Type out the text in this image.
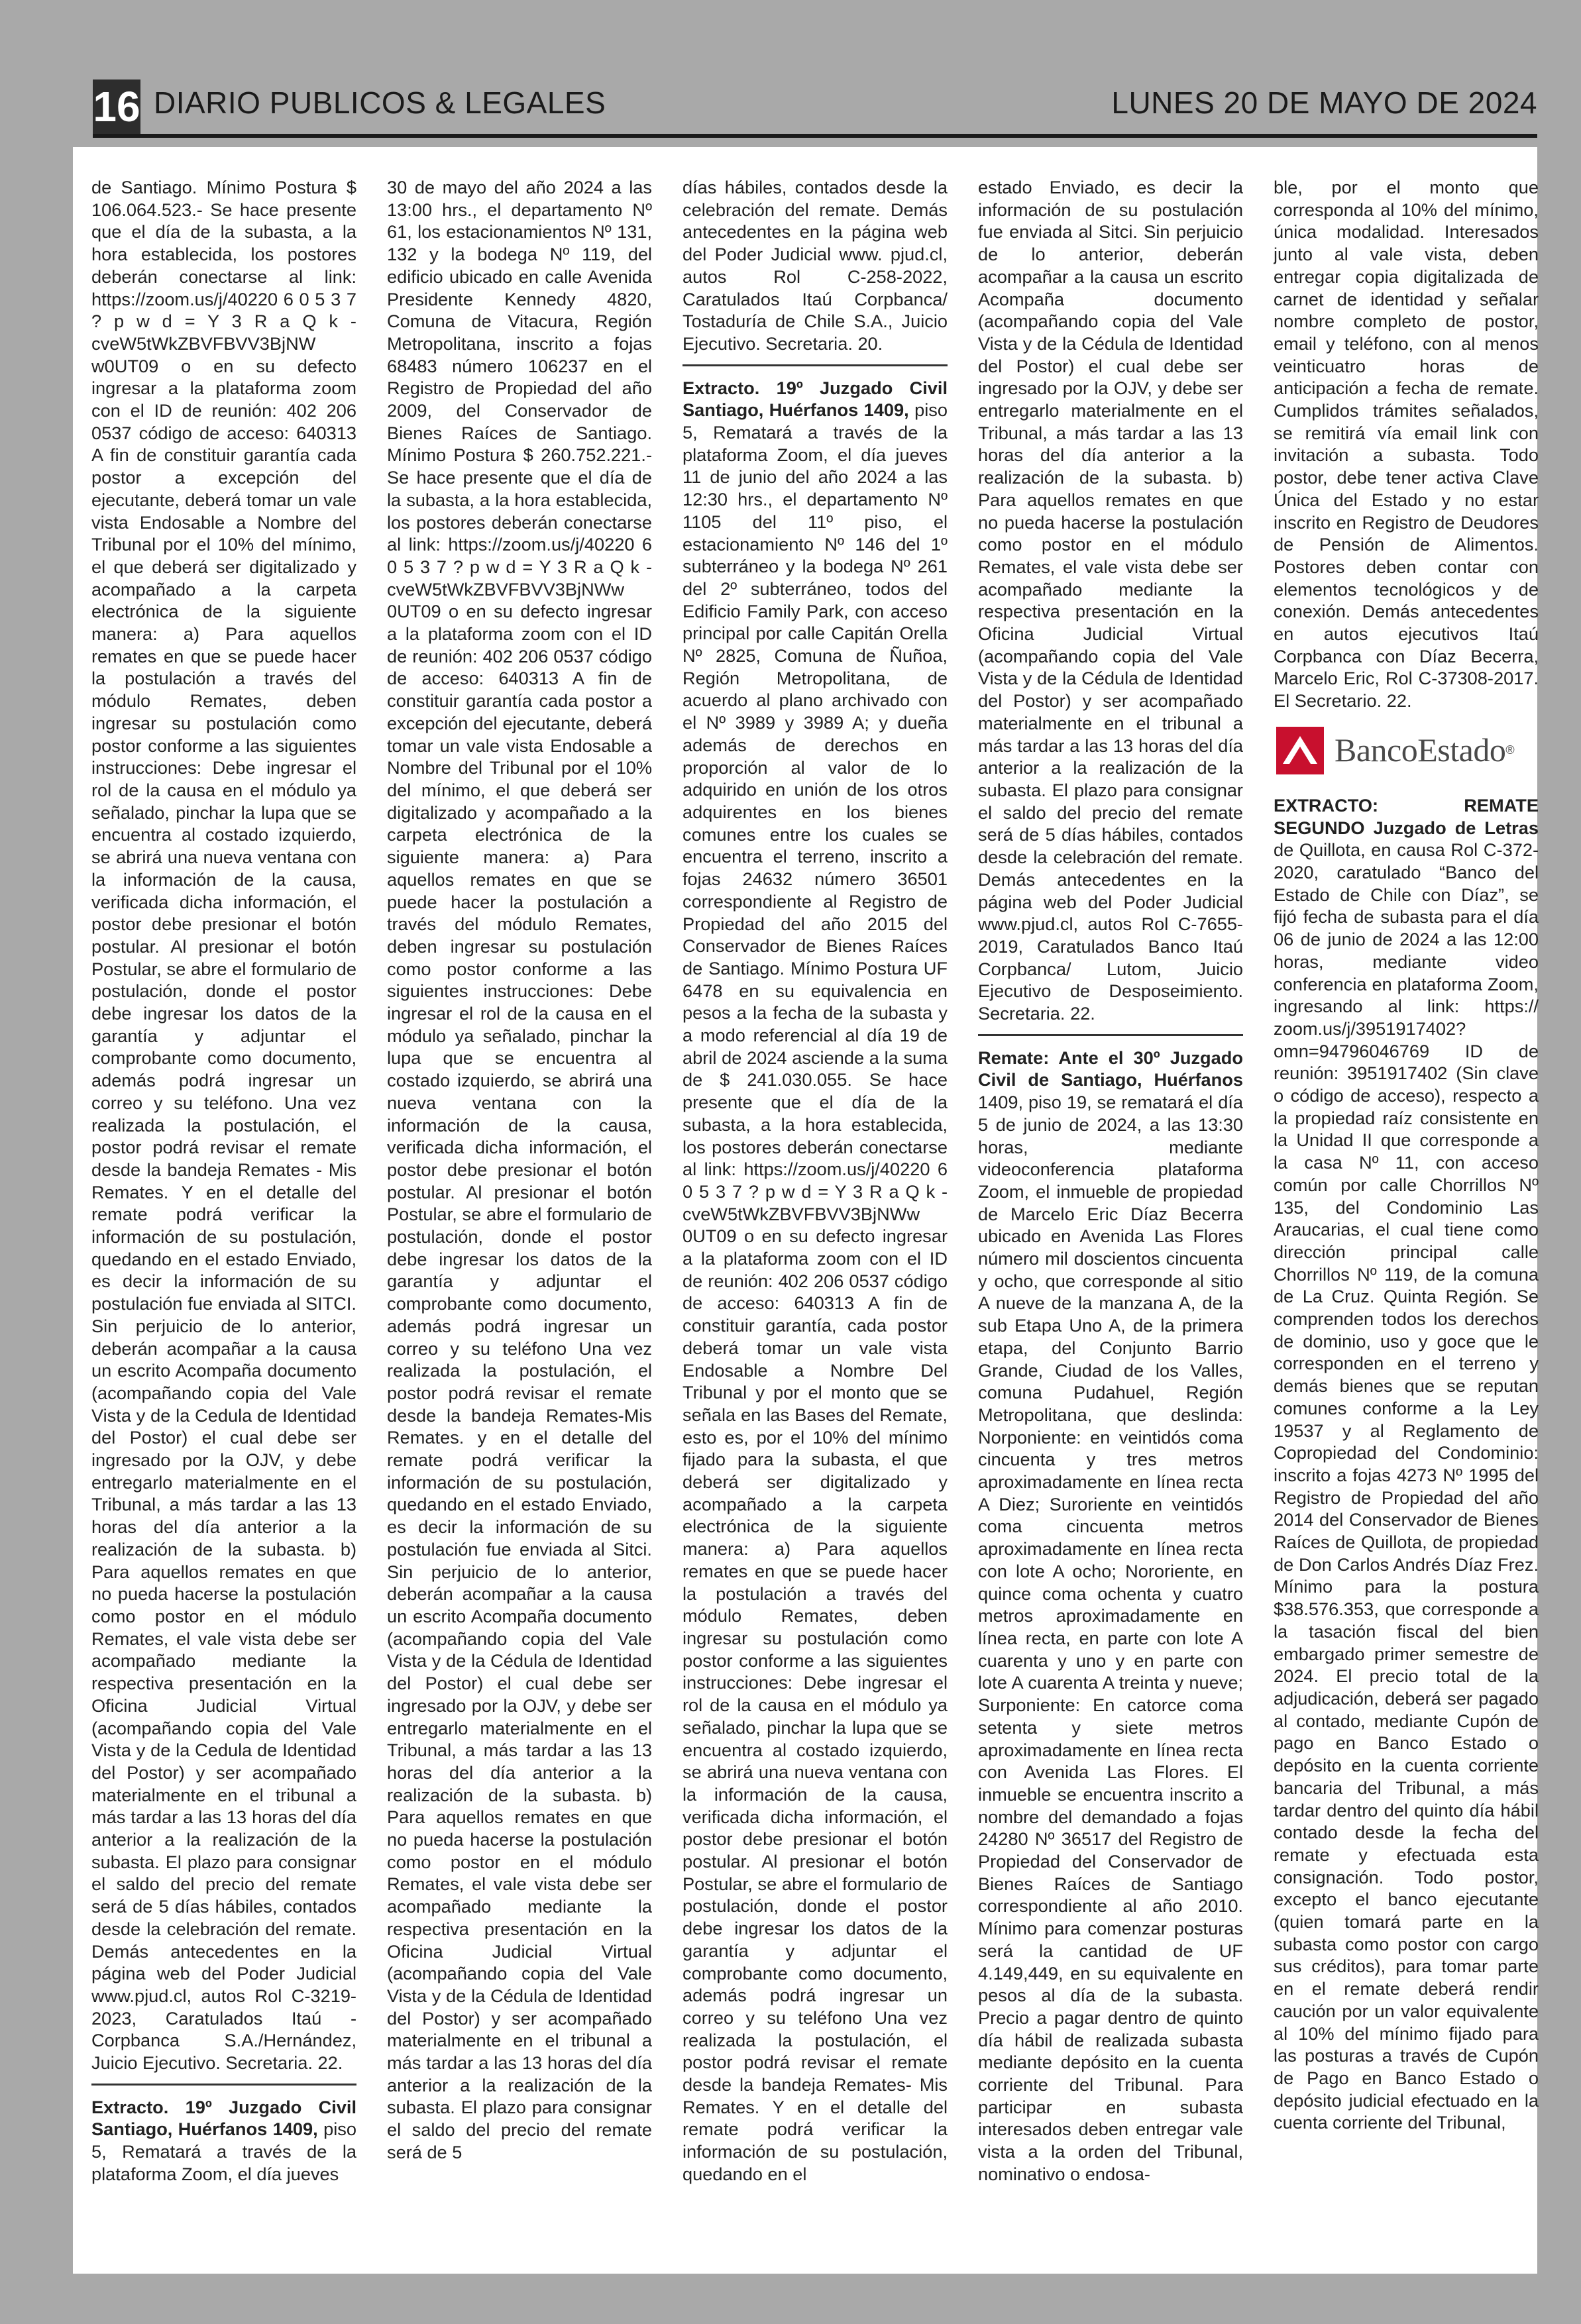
16 DIARIO PUBLICOS & LEGALES	LUNES 20 DE MAYO DE 2024

de Santiago. Mínimo Postura $ 106.064.523.- Se hace presente que el día de la subasta, a la hora establecida, los postores deberán conectarse al link: https://zoom.us/j/40220 6 0 5 3 7 ? p w d = Y 3 R a Q k - cveW5tWkZBVFBVV3BjNW w0UT09 o en su defecto ingresar a la plataforma zoom con el ID de reunión: 402 206 0537 código de acceso: 640313 A fin de constituir garantía cada postor a excepción del ejecutante, deberá tomar un vale vista Endosable a Nombre del Tribunal por el 10% del mínimo, el que deberá ser digitalizado y acompañado a la carpeta electrónica de la siguiente manera: a) Para aquellos remates en que se puede hacer la postulación a través del módulo Remates, deben ingresar su postulación como postor conforme a las siguientes instrucciones: Debe ingresar el rol de la causa en el módulo ya señalado, pinchar la lupa que se encuentra al costado izquierdo, se abrirá una nueva ventana con la información de la causa, verificada dicha información, el postor debe presionar el botón postular. Al presionar el botón Postular, se abre el formulario de postulación, donde el postor debe ingresar los datos de la garantía y adjuntar el comprobante como documento, además podrá ingresar un correo y su teléfono. Una vez realizada la postulación, el postor podrá revisar el remate desde la bandeja Remates - Mis Remates. Y en el detalle del remate podrá verificar la información de su postulación, quedando en el estado Enviado, es decir la información de su postulación fue enviada al SITCI. Sin perjuicio de lo anterior, deberán acompañar a la causa un escrito Acompaña documento (acompañando copia del Vale Vista y de la Cedula de Identidad del Postor) el cual debe ser ingresado por la OJV, y debe entregarlo materialmente en el Tribunal, a más tardar a las 13 horas del día anterior a la realización de la subasta. b) Para aquellos remates en que no pueda hacerse la postulación como postor en el módulo Remates, el vale vista debe ser acompañado mediante la respectiva presentación en la Oficina Judicial Virtual (acompañando copia del Vale Vista y de la Cedula de Identidad del Postor) y ser acompañado materialmente en el tribunal a más tardar a las 13 horas del día anterior a la realización de la subasta. El plazo para consignar el saldo del precio del remate será de 5 días hábiles, contados desde la celebración del remate. Demás antecedentes en la página web del Poder Judicial www.pjud.cl, autos Rol C-3219-2023, Caratulados Itaú - Corpbanca S.A./Hernández, Juicio Ejecutivo. Secretaria. 22.

Extracto. 19º Juzgado Civil Santiago, Huérfanos 1409, piso 5, Rematará a través de la plataforma Zoom, el día jueves

30 de mayo del año 2024 a las 13:00 hrs., el departamento Nº 61, los estacionamientos Nº 131, 132 y la bodega Nº 119, del edificio ubicado en calle Avenida Presidente Kennedy 4820, Comuna de Vitacura, Región Metropolitana, inscrito a fojas 68483 número 106237 en el Registro de Propiedad del año 2009, del Conservador de Bienes Raíces de Santiago. Mínimo Postura $ 260.752.221.- Se hace presente que el día de la subasta, a la hora establecida, los postores deberán conectarse al link: https://zoom.us/j/40220 6 0 5 3 7 ? p w d = Y 3 R a Q k - cveW5tWkZBVFBVV3BjNWw 0UT09 o en su defecto ingresar a la plataforma zoom con el ID de reunión: 402 206 0537 código de acceso: 640313 A fin de constituir garantía cada postor a excepción del ejecutante, deberá tomar un vale vista Endosable a Nombre del Tribunal por el 10% del mínimo, el que deberá ser digitalizado y acompañado a la carpeta electrónica de la siguiente manera: a) Para aquellos remates en que se puede hacer la postulación a través del módulo Remates, deben ingresar su postulación como postor conforme a las siguientes instrucciones: Debe ingresar el rol de la causa en el módulo ya señalado, pinchar la lupa que se encuentra al costado izquierdo, se abrirá una nueva ventana con la información de la causa, verificada dicha información, el postor debe presionar el botón postular. Al presionar el botón Postular, se abre el formulario de postulación, donde el postor debe ingresar los datos de la garantía y adjuntar el comprobante como documento, además podrá ingresar un correo y su teléfono Una vez realizada la postulación, el postor podrá revisar el remate desde la bandeja Remates-Mis Remates. y en el detalle del remate podrá verificar la información de su postulación, quedando en el estado Enviado, es decir la información de su postulación fue enviada al Sitci. Sin perjuicio de lo anterior, deberán acompañar a la causa un escrito Acompaña documento (acompañando copia del Vale Vista y de la Cédula de Identidad del Postor) el cual debe ser ingresado por la OJV, y debe ser entregarlo materialmente en el Tribunal, a más tardar a las 13 horas del día anterior a la realización de la subasta. b) Para aquellos remates en que no pueda hacerse la postulación como postor en el módulo Remates, el vale vista debe ser acompañado mediante la respectiva presentación en la Oficina Judicial Virtual (acompañando copia del Vale Vista y de la Cédula de Identidad del Postor) y ser acompañado materialmente en el tribunal a más tardar a las 13 horas del día anterior a la realización de la subasta. El plazo para consignar el saldo del precio del remate será de 5

días hábiles, contados desde la celebración del remate. Demás antecedentes en la página web del Poder Judicial www. pjud.cl, autos Rol C-258-2022, Caratulados Itaú Corpbanca/ Tostaduría de Chile S.A., Juicio Ejecutivo. Secretaria. 20.

Extracto. 19º Juzgado Civil Santiago, Huérfanos 1409, piso 5, Rematará a través de la plataforma Zoom, el día jueves 11 de junio del año 2024 a las 12:30 hrs., el departamento Nº 1105 del 11º piso, el estacionamiento Nº 146 del 1º subterráneo y la bodega Nº 261 del 2º subterráneo, todos del Edificio Family Park, con acceso principal por calle Capitán Orella Nº 2825, Comuna de Ñuñoa, Región Metropolitana, de acuerdo al plano archivado con el Nº 3989 y 3989 A; y dueña además de derechos en proporción al valor de lo adquirido en unión de los otros adquirentes en los bienes comunes entre los cuales se encuentra el terreno, inscrito a fojas 24632 número 36501 correspondiente al Registro de Propiedad del año 2015 del Conservador de Bienes Raíces de Santiago. Mínimo Postura UF 6478 en su equivalencia en pesos a la fecha de la subasta y a modo referencial al día 19 de abril de 2024 asciende a la suma de $ 241.030.055. Se hace presente que el día de la subasta, a la hora establecida, los postores deberán conectarse al link: https://zoom.us/j/40220 6 0 5 3 7 ? p w d = Y 3 R a Q k - cveW5tWkZBVFBVV3BjNWw 0UT09 o en su defecto ingresar a la plataforma zoom con el ID de reunión: 402 206 0537 código de acceso: 640313 A fin de constituir garantía, cada postor deberá tomar un vale vista Endosable a Nombre Del Tribunal y por el monto que se señala en las Bases del Remate, esto es, por el 10% del mínimo fijado para la subasta, el que deberá ser digitalizado y acompañado a la carpeta electrónica de la siguiente manera: a) Para aquellos remates en que se puede hacer la postulación a través del módulo Remates, deben ingresar su postulación como postor conforme a las siguientes instrucciones: Debe ingresar el rol de la causa en el módulo ya señalado, pinchar la lupa que se encuentra al costado izquierdo, se abrirá una nueva ventana con la información de la causa, verificada dicha información, el postor debe presionar el botón postular. Al presionar el botón Postular, se abre el formulario de postulación, donde el postor debe ingresar los datos de la garantía y adjuntar el comprobante como documento, además podrá ingresar un correo y su teléfono Una vez realizada la postulación, el postor podrá revisar el remate desde la bandeja Remates- Mis Remates. Y en el detalle del remate podrá verificar la información de su postulación, quedando en el

estado Enviado, es decir la información de su postulación fue enviada al Sitci. Sin perjuicio de lo anterior, deberán acompañar a la causa un escrito Acompaña documento (acompañando copia del Vale Vista y de la Cédula de Identidad del Postor) el cual debe ser ingresado por la OJV, y debe ser entregarlo materialmente en el Tribunal, a más tardar a las 13 horas del día anterior a la realización de la subasta. b) Para aquellos remates en que no pueda hacerse la postulación como postor en el módulo Remates, el vale vista debe ser acompañado mediante la respectiva presentación en la Oficina Judicial Virtual (acompañando copia del Vale Vista y de la Cédula de Identidad del Postor) y ser acompañado materialmente en el tribunal a más tardar a las 13 horas del día anterior a la realización de la subasta. El plazo para consignar el saldo del precio del remate será de 5 días hábiles, contados desde la celebración del remate. Demás antecedentes en la página web del Poder Judicial www.pjud.cl, autos Rol C-7655-2019, Caratulados Banco Itaú Corpbanca/ Lutom, Juicio Ejecutivo de Desposeimiento. Secretaria. 22.

Remate: Ante el 30º Juzgado Civil de Santiago, Huérfanos 1409, piso 19, se rematará el día 5 de junio de 2024, a las 13:30 horas, mediante videoconferencia plataforma Zoom, el inmueble de propiedad de Marcelo Eric Díaz Becerra ubicado en Avenida Las Flores número mil doscientos cincuenta y ocho, que corresponde al sitio A nueve de la manzana A, de la sub Etapa Uno A, de la primera etapa, del Conjunto Barrio Grande, Ciudad de los Valles, comuna Pudahuel, Región Metropolitana, que deslinda: Norponiente: en veintidós coma cincuenta y tres metros aproximadamente en línea recta A Diez; Suroriente en veintidós coma cincuenta metros aproximadamente en línea recta con lote A ocho; Nororiente, en quince coma ochenta y cuatro metros aproximadamente en línea recta, en parte con lote A cuarenta y uno y en parte con lote A cuarenta A treinta y nueve; Surponiente: En catorce coma setenta y siete metros aproximadamente en línea recta con Avenida Las Flores. El inmueble se encuentra inscrito a nombre del demandado a fojas 24280 Nº 36517 del Registro de Propiedad del Conservador de Bienes Raíces de Santiago correspondiente al año 2010. Mínimo para comenzar posturas será la cantidad de UF 4.149,449, en su equivalente en pesos al día de la subasta. Precio a pagar dentro de quinto día hábil de realizada subasta mediante depósito en la cuenta corriente del Tribunal. Para participar en subasta interesados deben entregar vale vista a la orden del Tribunal, nominativo o endosa-

ble, por el monto que corresponda al 10% del mínimo, única modalidad. Interesados junto al vale vista, deben entregar copia digitalizada de carnet de identidad y señalar nombre completo de postor, email y teléfono, con al menos veinticuatro horas de anticipación a fecha de remate. Cumplidos trámites señalados, se remitirá vía email link con invitación a subasta. Todo postor, debe tener activa Clave Única del Estado y no estar inscrito en Registro de Deudores de Pensión de Alimentos. Postores deben contar con elementos tecnológicos y de conexión. Demás antecedentes en autos ejecutivos Itaú Corpbanca con Díaz Becerra, Marcelo Eric, Rol C-37308-2017. El Secretario. 22.

BancoEstado ®

EXTRACTO: REMATE SEGUNDO Juzgado de Letras de Quillota, en causa Rol C-372-2020, caratulado “Banco del Estado de Chile con Díaz”, se fijó fecha de subasta para el día 06 de junio de 2024 a las 12:00 horas, mediante video conferencia en plataforma Zoom, ingresando al link: https:// zoom.us/j/3951917402?omn=94796046769 ID de reunión: 3951917402 (Sin clave o código de acceso), respecto a la propiedad raíz consistente en la Unidad II que corresponde a la casa Nº 11, con acceso común por calle Chorrillos Nº 135, del Condominio Las Araucarias, el cual tiene como dirección principal calle Chorrillos Nº 119, de la comuna de La Cruz. Quinta Región. Se comprenden todos los derechos de dominio, uso y goce que le corresponden en el terreno y demás bienes que se reputan comunes conforme a la Ley 19537 y al Reglamento de Copropiedad del Condominio: inscrito a fojas 4273 Nº 1995 del Registro de Propiedad del año 2014 del Conservador de Bienes Raíces de Quillota, de propiedad de Don Carlos Andrés Díaz Frez. Mínimo para la postura $38.576.353, que corresponde a la tasación fiscal del bien embargado primer semestre de 2024. El precio total de la adjudicación, deberá ser pagado al contado, mediante Cupón de pago en Banco Estado o depósito en la cuenta corriente bancaria del Tribunal, a más tardar dentro del quinto día hábil contado desde la fecha del remate y efectuada esta consignación. Todo postor, excepto el banco ejecutante (quien tomará parte en la subasta como postor con cargo sus créditos), para tomar parte en el remate deberá rendir caución por un valor equivalente al 10% del mínimo fijado para las posturas a través de Cupón de Pago en Banco Estado o depósito judicial efectuado en la cuenta corriente del Tribunal,
